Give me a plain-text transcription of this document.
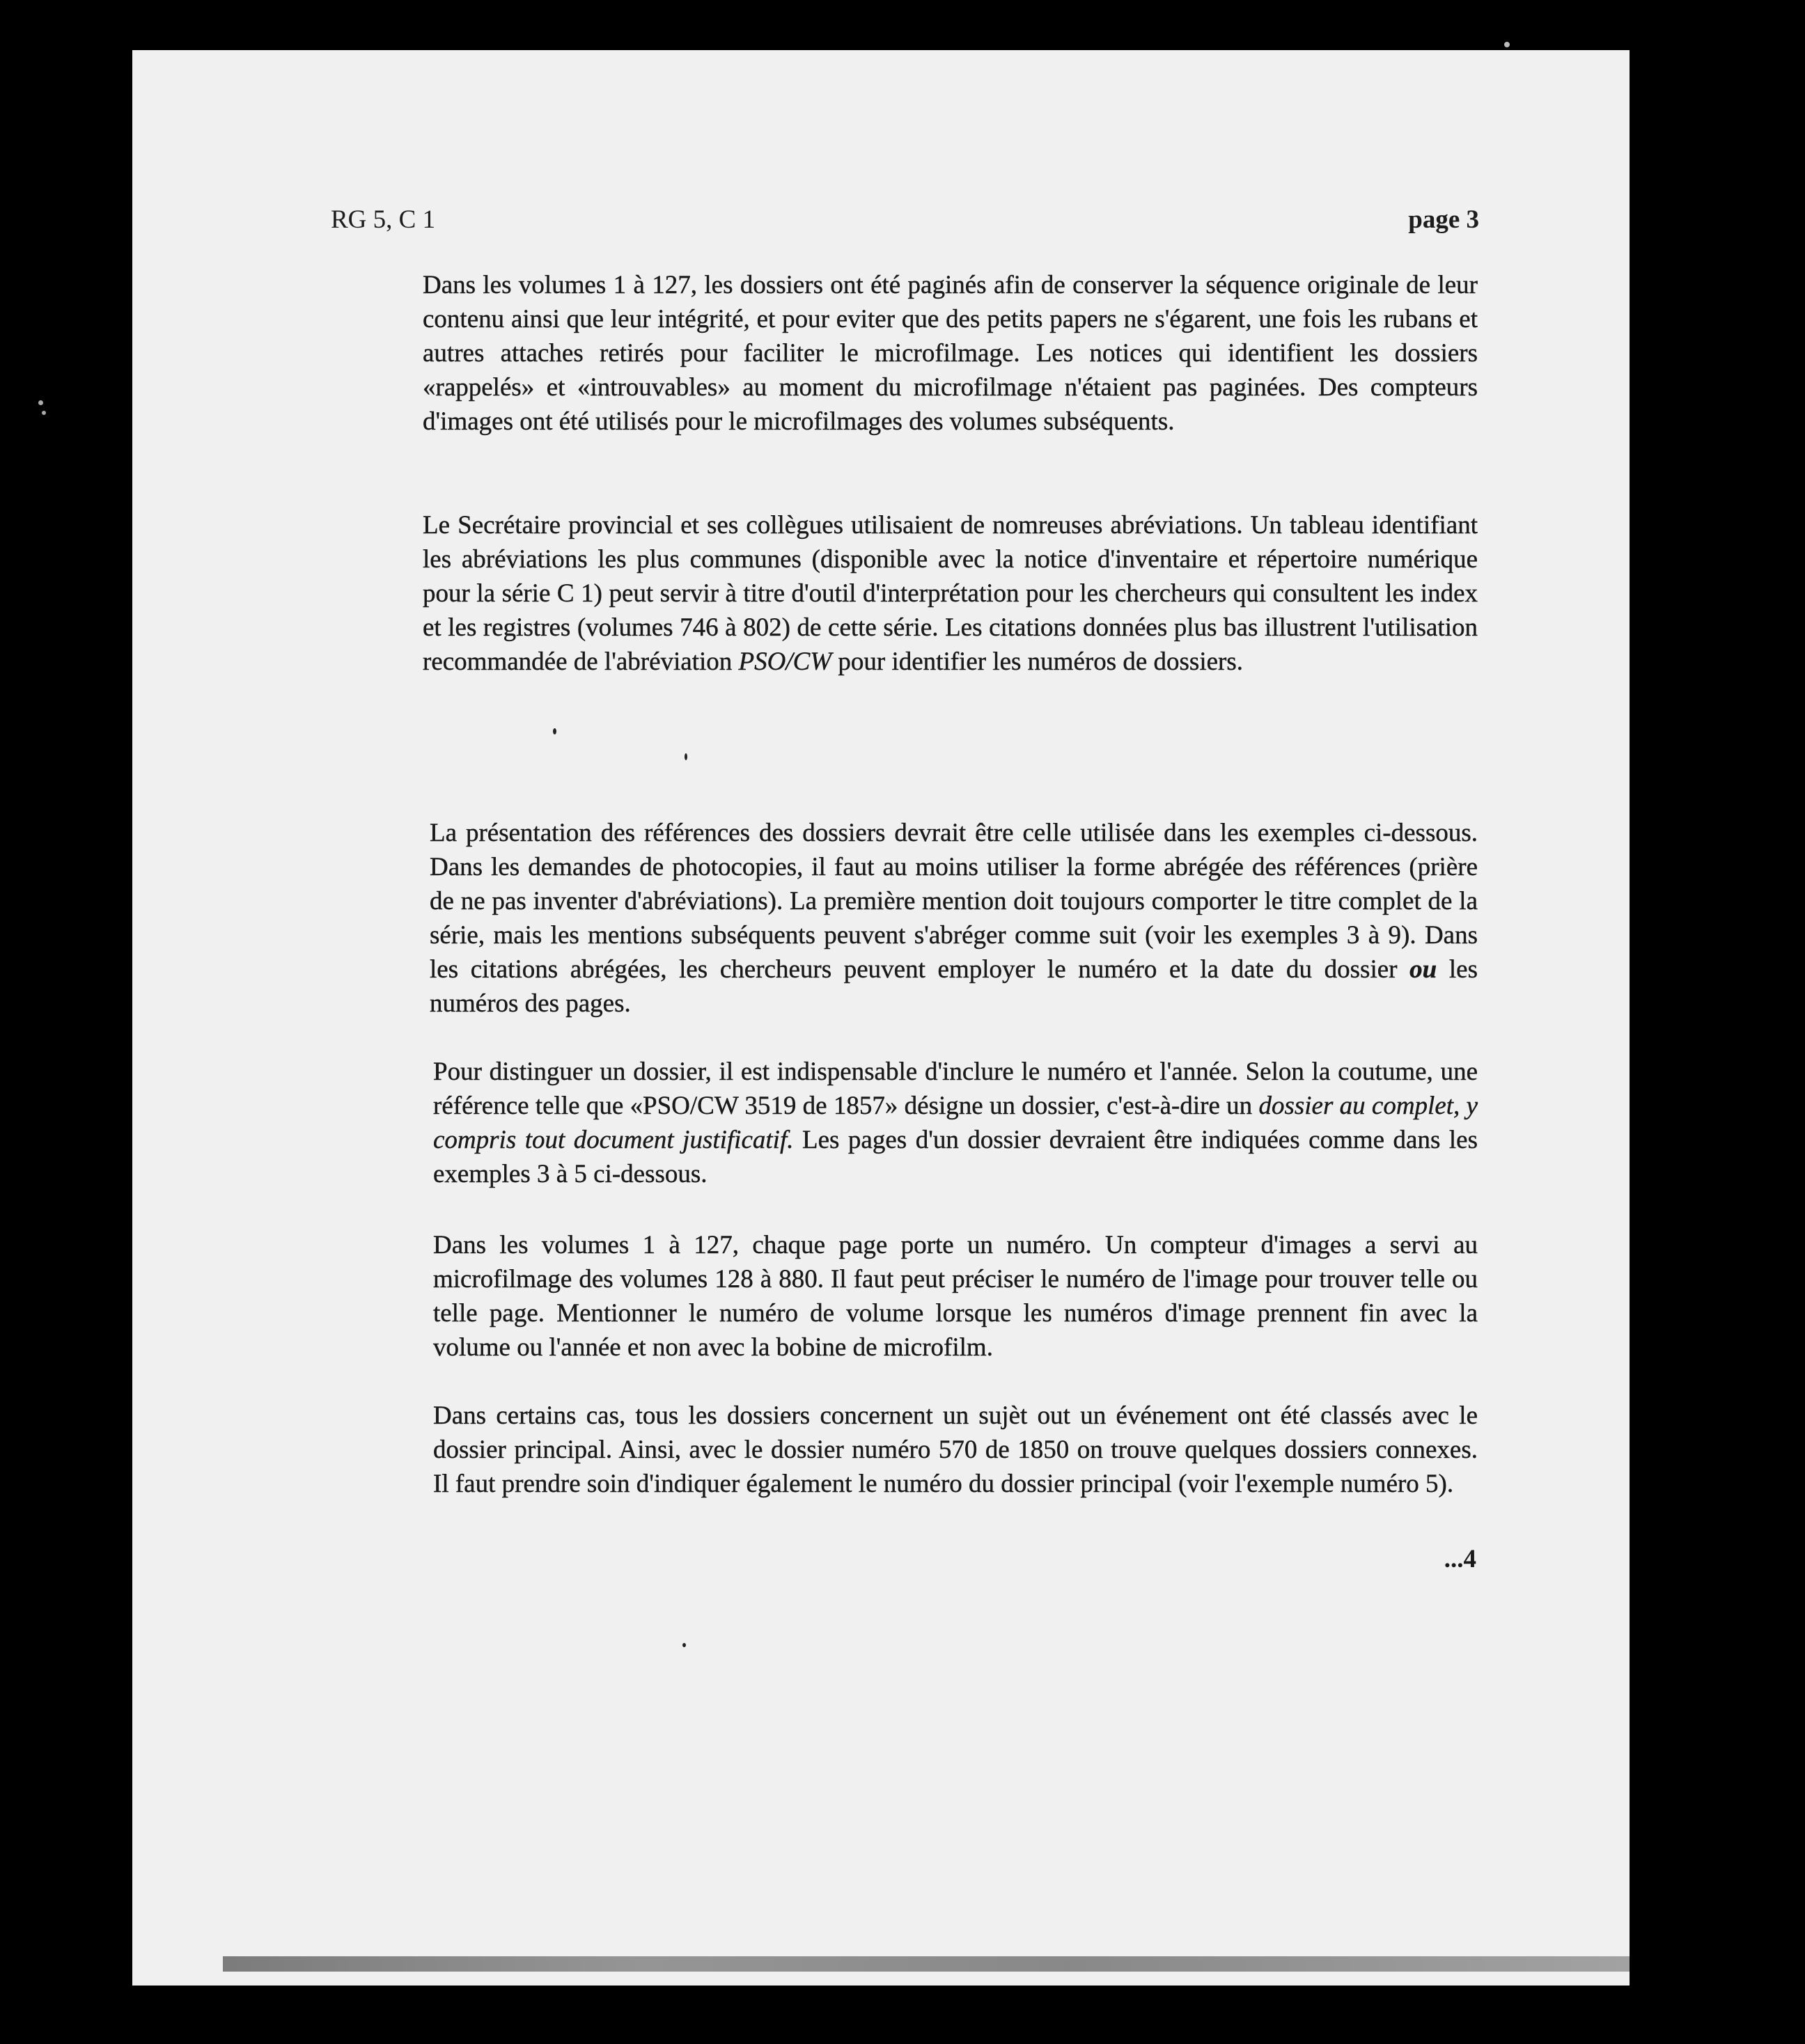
RG 5, C 1	page 3
Dans les volumes 1 à 127, les dossiers ont été paginés afin de conserver la séquence originale de leur contenu ainsi que leur intégrité, et pour eviter que des petits papers ne s'égarent, une fois les rubans et autres attaches retirés pour faciliter le microfilmage. Les notices qui identifient les dossiers «rappelés» et «introuvables» au moment du microfilmage n'étaient pas paginées. Des compteurs d'images ont été utilisés pour le microfilmages des volumes subséquents.
Le Secrétaire provincial et ses collègues utilisaient de nomreuses abréviations. Un tableau identifiant les abréviations les plus communes (disponible avec la notice d'inventaire et répertoire numérique pour la série C 1) peut servir à titre d'outil d'interprétation pour les chercheurs qui consultent les index et les registres (volumes 746 à 802) de cette série. Les citations données plus bas illustrent l'utilisation recommandée de l'abréviation PSO/CW pour identifier les numéros de dossiers.
La présentation des références des dossiers devrait être celle utilisée dans les exemples ci-dessous. Dans les demandes de photocopies, il faut au moins utiliser la forme abrégée des références (prière de ne pas inventer d'abréviations). La première mention doit toujours comporter le titre complet de la série, mais les mentions subséquents peuvent s'abréger comme suit (voir les exemples 3 à 9). Dans les citations abrégées, les chercheurs peuvent employer le numéro et la date du dossier ou les numéros des pages.
Pour distinguer un dossier, il est indispensable d'inclure le numéro et l'année. Selon la coutume, une référence telle que «PSO/CW 3519 de 1857» désigne un dossier, c'est-à-dire un dossier au complet, y compris tout document justificatif. Les pages d'un dossier devraient être indiquées comme dans les exemples 3 à 5 ci-dessous.
Dans les volumes 1 à 127, chaque page porte un numéro. Un compteur d'images a servi au microfilmage des volumes 128 à 880. Il faut peut préciser le numéro de l'image pour trouver telle ou telle page. Mentionner le numéro de volume lorsque les numéros d'image prennent fin avec la volume ou l'année et non avec la bobine de microfilm.
Dans certains cas, tous les dossiers concernent un sujèt out un événement ont été classés avec le dossier principal. Ainsi, avec le dossier numéro 570 de 1850 on trouve quelques dossiers connexes. Il faut prendre soin d'indiquer également le numéro du dossier principal (voir l'exemple numéro 5).
...4
